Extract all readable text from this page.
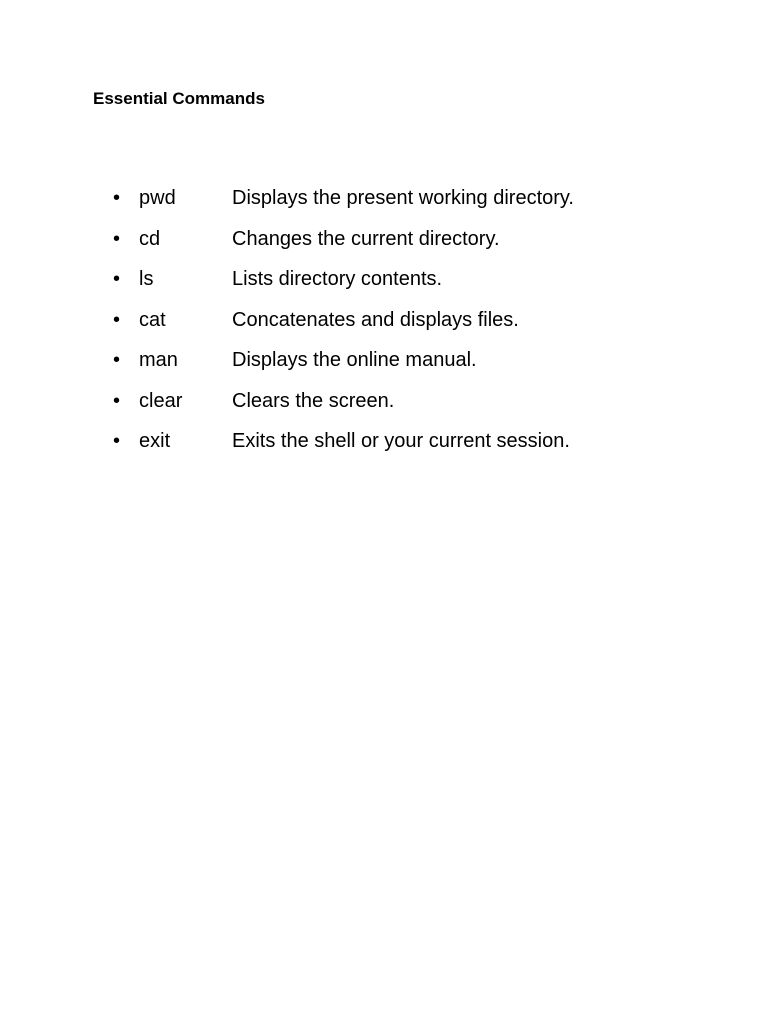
Essential Commands
• pwd	Displays the present working directory.
• cd	Changes the current directory.
• ls	Lists directory contents.
• cat	Concatenates and displays files.
• man	Displays the online manual.
• clear	Clears the screen.
• exit	Exits the shell or your current session.
